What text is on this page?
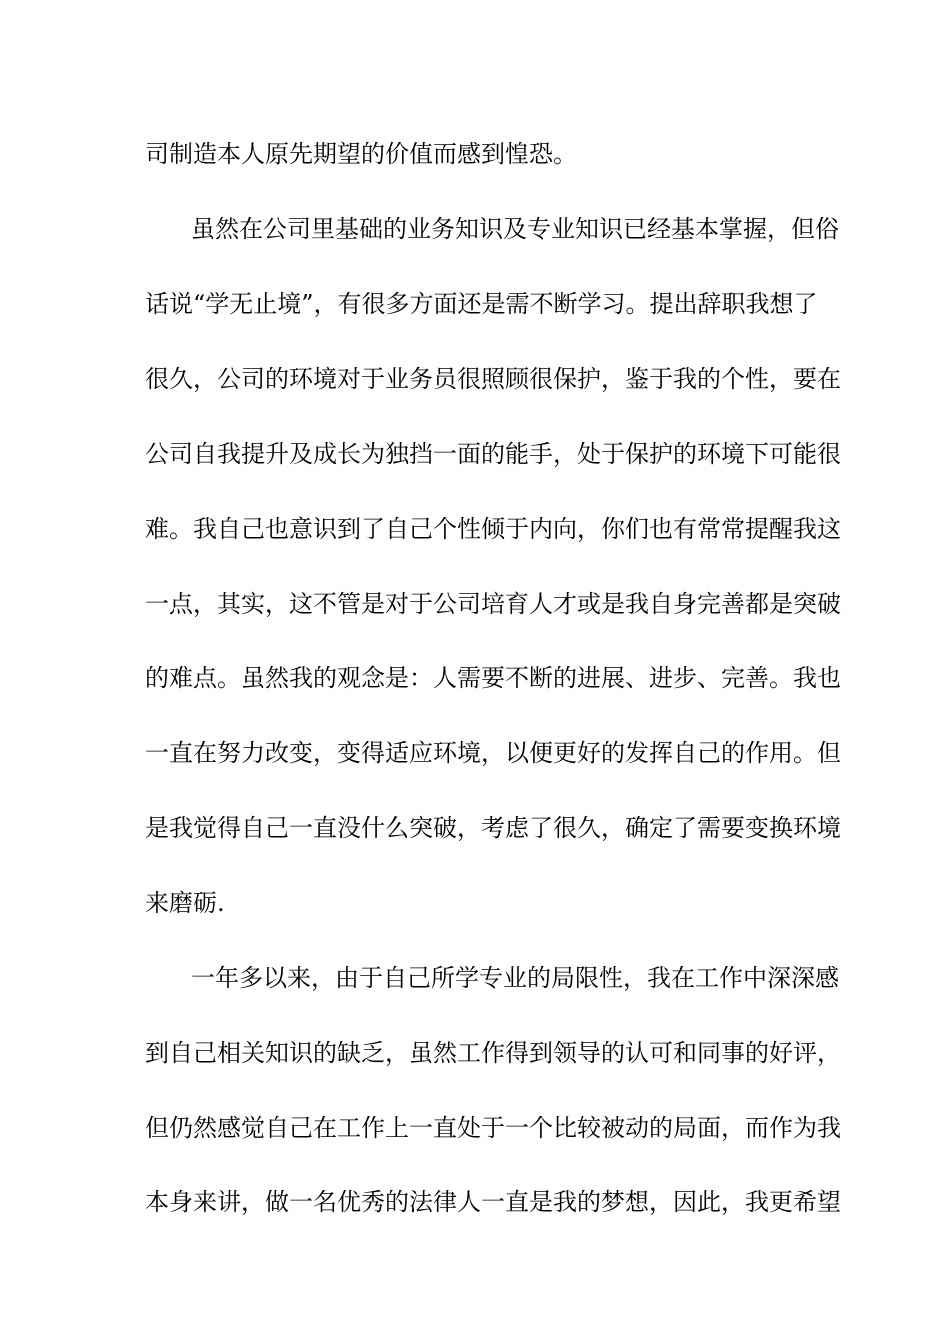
司制造本人原先期望的价值而感到惶恐。
虽然在公司里基础的业务知识及专业知识已经基本掌握，但俗
话说“学无止境”，有很多方面还是需不断学习。提出辞职我想了
很久，公司的环境对于业务员很照顾很保护，鉴于我的个性，要在
公司自我提升及成长为独挡一面的能手，处于保护的环境下可能很
难。我自己也意识到了自己个性倾于内向，你们也有常常提醒我这
一点，其实，这不管是对于公司培育人才或是我自身完善都是突破
的难点。虽然我的观念是：人需要不断的进展、进步、完善。我也
一直在努力改变，变得适应环境，以便更好的发挥自己的作用。但
是我觉得自己一直没什么突破，考虑了很久，确定了需要变换环境
来磨砺.
一年多以来，由于自己所学专业的局限性，我在工作中深深感
到自己相关知识的缺乏，虽然工作得到领导的认可和同事的好评，
但仍然感觉自己在工作上一直处于一个比较被动的局面，而作为我
本身来讲，做一名优秀的法律人一直是我的梦想，因此，我更希望
